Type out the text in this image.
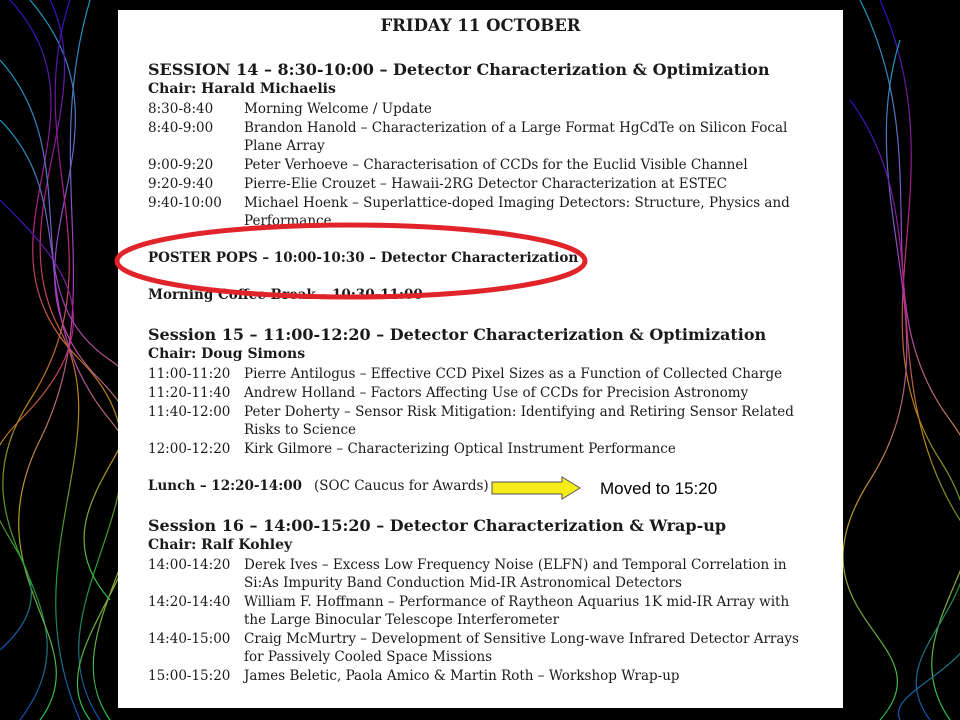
FRIDAY 11 OCTOBER
SESSION 14 – 8:30-10:00 – Detector Characterization & Optimization
Chair: Harald Michaelis
8:30-8:40	Morning Welcome / Update
8:40-9:00	Brandon Hanold – Characterization of a Large Format HgCdTe on Silicon Focal
Plane Array
9:00-9:20	Peter Verhoeve – Characterisation of CCDs for the Euclid Visible Channel
9:20-9:40	Pierre-Elie Crouzet – Hawaii-2RG Detector Characterization at ESTEC
9:40-10:00	Michael Hoenk – Superlattice-doped Imaging Detectors: Structure, Physics and
Performance
POSTER POPS – 10:00-10:30 – Detector Characterization
Morning Coffee Break – 10:30-11:00
Session 15 – 11:00-12:20 – Detector Characterization & Optimization
Chair: Doug Simons
11:00-11:20	Pierre Antilogus – Effective CCD Pixel Sizes as a Function of Collected Charge
11:20-11:40	Andrew Holland – Factors Affecting Use of CCDs for Precision Astronomy
11:40-12:00	Peter Doherty – Sensor Risk Mitigation: Identifying and Retiring Sensor Related
Risks to Science
12:00-12:20	Kirk Gilmore – Characterizing Optical Instrument Performance
Lunch – 12:20-14:00 (SOC Caucus for Awards)
Session 16 – 14:00-15:20 – Detector Characterization & Wrap-up
Chair: Ralf Kohley
14:00-14:20	Derek Ives – Excess Low Frequency Noise (ELFN) and Temporal Correlation in
Si:As Impurity Band Conduction Mid-IR Astronomical Detectors
14:20-14:40	William F. Hoffmann – Performance of Raytheon Aquarius 1K mid-IR Array with
the Large Binocular Telescope Interferometer
14:40-15:00	Craig McMurtry – Development of Sensitive Long-wave Infrared Detector Arrays
for Passively Cooled Space Missions
15:00-15:20	James Beletic, Paola Amico & Martin Roth – Workshop Wrap-up
Moved to 15:20
